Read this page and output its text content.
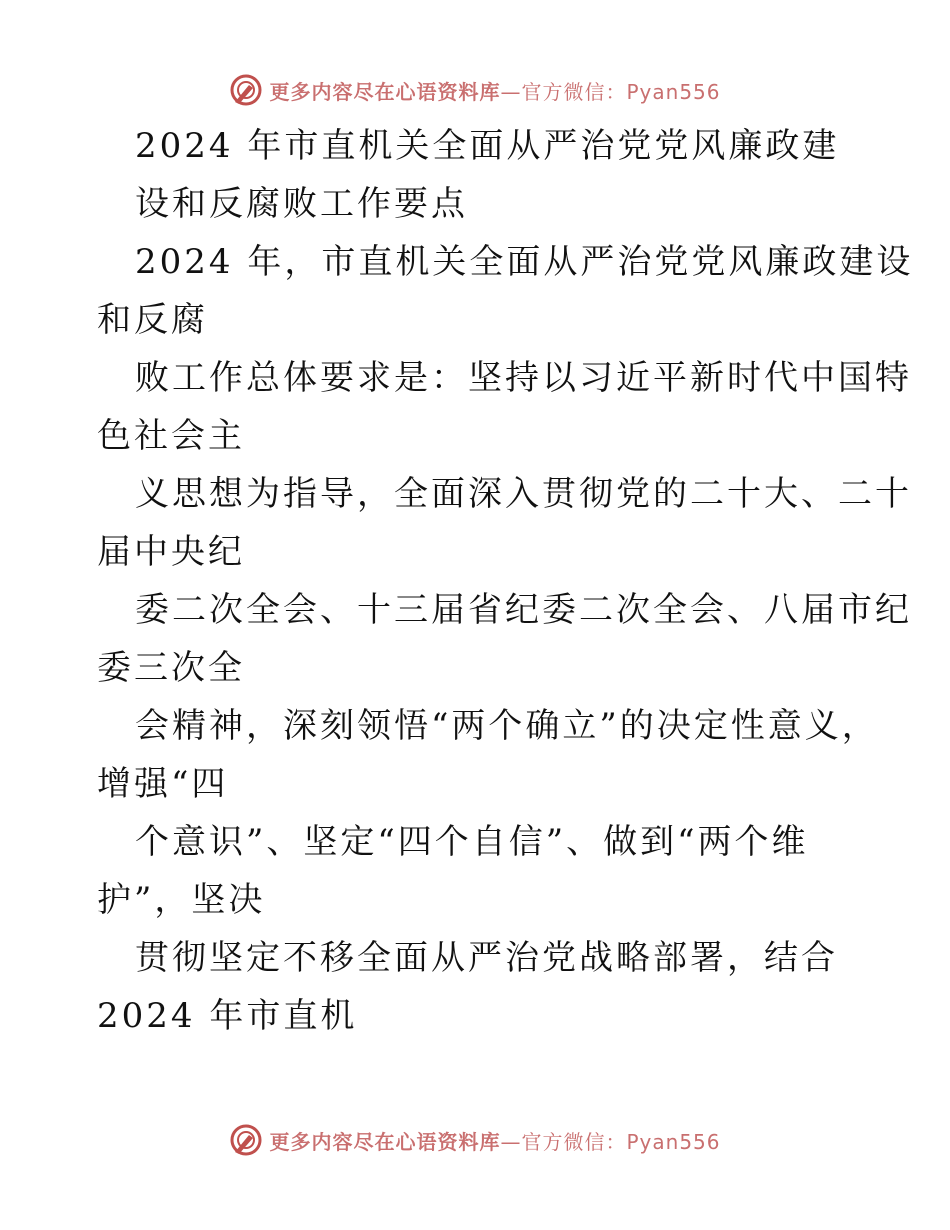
更多内容尽在心语资料库—官方微信：Pyan556
2024 年市直机关全面从严治党党风廉政建
设和反腐败工作要点
2024 年，市直机关全面从严治党党风廉政建设
和反腐
败工作总体要求是：坚持以习近平新时代中国特
色社会主
义思想为指导，全面深入贯彻党的二十大、二十
届中央纪
委二次全会、十三届省纪委二次全会、八届市纪
委三次全
会精神，深刻领悟“两个确立”的决定性意义，
增强“四
个意识”、坚定“四个自信”、做到“两个维
护”，坚决
贯彻坚定不移全面从严治党战略部署，结合
2024 年市直机
更多内容尽在心语资料库—官方微信：Pyan556
